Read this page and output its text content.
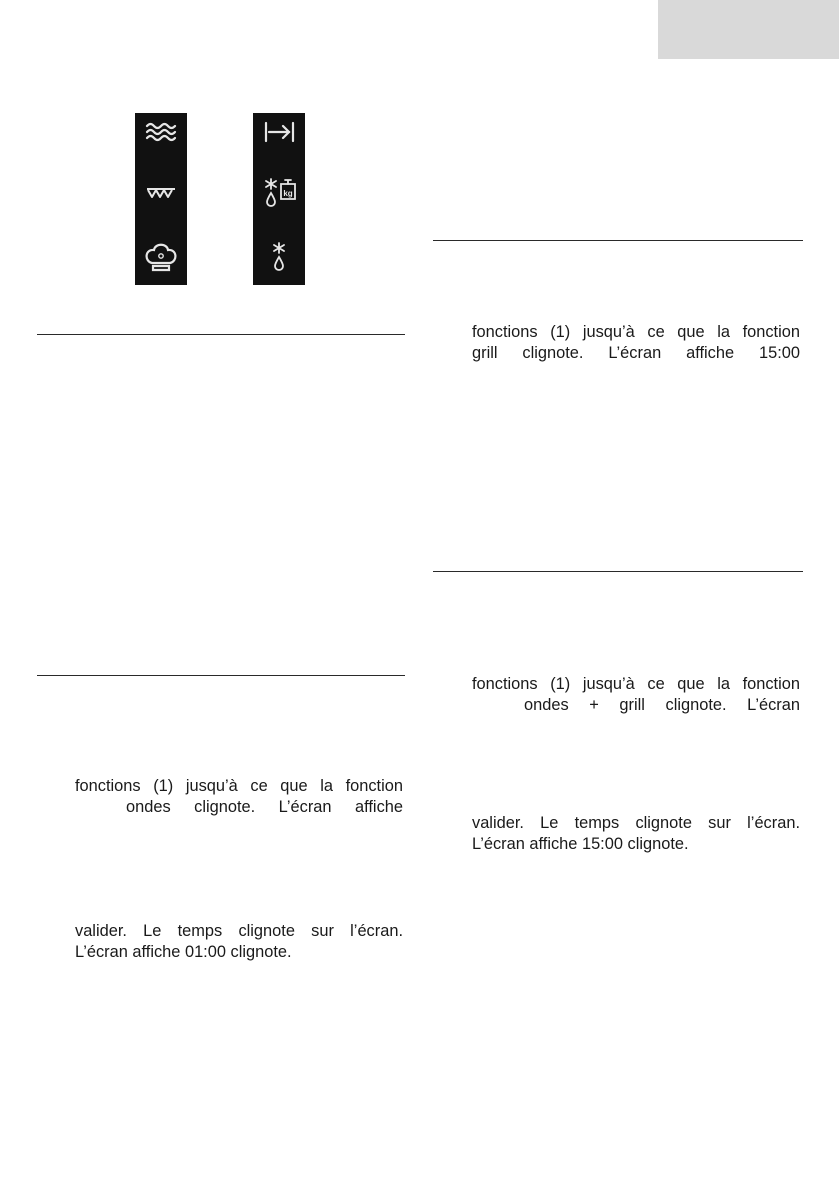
kg
fonctions (1) jusqu’à ce que la fonction
ondes clignote. L’écran affiche
valider. Le temps clignote sur l’écran.
L’écran affiche 01:00 clignote.
fonctions (1) jusqu’à ce que la fonction
grill clignote. L’écran affiche 15:00
fonctions (1) jusqu’à ce que la fonction
ondes + grill clignote. L’écran
valider. Le temps clignote sur l’écran.
L’écran affiche 15:00 clignote.
